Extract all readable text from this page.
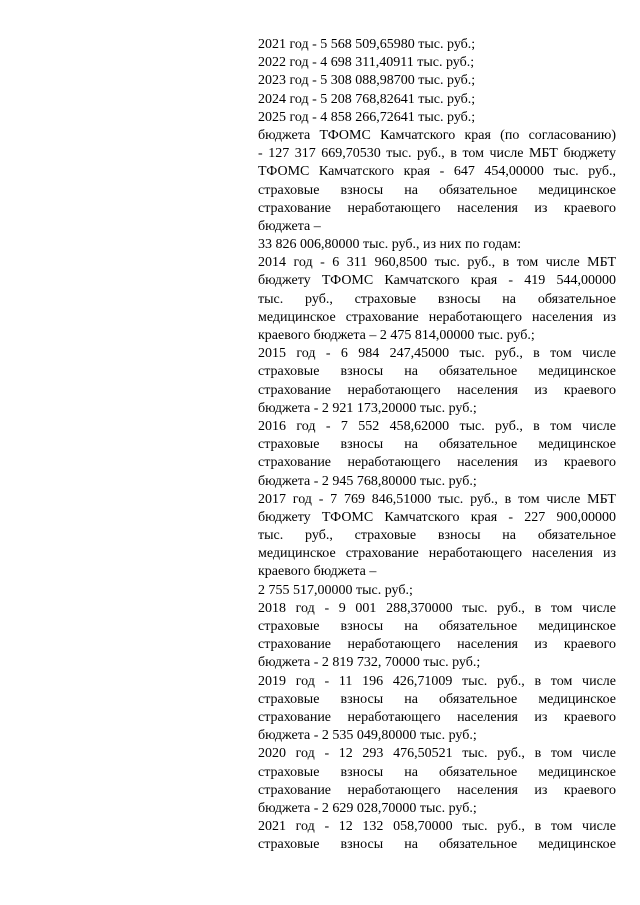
2021 год - 5 568 509,65980 тыс. руб.;
2022 год - 4 698 311,40911 тыс. руб.;
2023 год - 5 308 088,98700 тыс. руб.;
2024 год - 5 208 768,82641 тыс. руб.;
2025 год - 4 858 266,72641 тыс. руб.;
бюджета ТФОМС Камчатского края (по согласованию)
- 127 317 669,70530 тыс. руб., в том числе МБТ бюджету
ТФОМС Камчатского края - 647 454,00000 тыс. руб.,
страховые взносы на обязательное медицинское
страхование неработающего населения из краевого
бюджета –
33 826 006,80000 тыс. руб., из них по годам:
2014 год - 6 311 960,8500 тыс. руб., в том числе МБТ
бюджету ТФОМС Камчатского края - 419 544,00000
тыс. руб., страховые взносы на обязательное
медицинское страхование неработающего населения из
краевого бюджета – 2 475 814,00000 тыс. руб.;
2015 год - 6 984 247,45000 тыс. руб., в том числе
страховые взносы на обязательное медицинское
страхование неработающего населения из краевого
бюджета - 2 921 173,20000 тыс. руб.;
2016 год - 7 552 458,62000 тыс. руб., в том числе
страховые взносы на обязательное медицинское
страхование неработающего населения из краевого
бюджета - 2 945 768,80000 тыс. руб.;
2017 год - 7 769 846,51000 тыс. руб., в том числе МБТ
бюджету ТФОМС Камчатского края - 227 900,00000
тыс. руб., страховые взносы на обязательное
медицинское страхование неработающего населения из
краевого бюджета –
2 755 517,00000 тыс. руб.;
2018 год - 9 001 288,370000 тыс. руб., в том числе
страховые взносы на обязательное медицинское
страхование неработающего населения из краевого
бюджета - 2 819 732, 70000 тыс. руб.;
2019 год - 11 196 426,71009 тыс. руб., в том числе
страховые взносы на обязательное медицинское
страхование неработающего населения из краевого
бюджета - 2 535 049,80000 тыс. руб.;
2020 год - 12 293 476,50521 тыс. руб., в том числе
страховые взносы на обязательное медицинское
страхование неработающего населения из краевого
бюджета - 2 629 028,70000 тыс. руб.;
2021 год - 12 132 058,70000 тыс. руб., в том числе
страховые взносы на обязательное медицинское
